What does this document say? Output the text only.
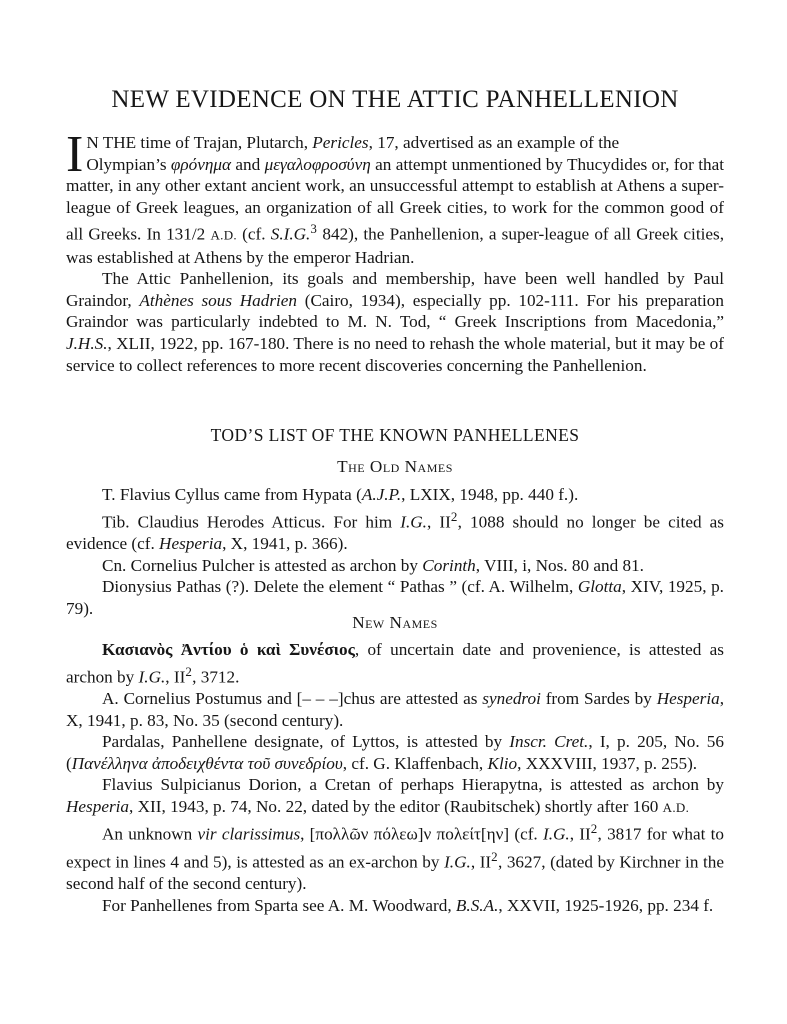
NEW EVIDENCE ON THE ATTIC PANHELLENION

I N THE time of Trajan, Plutarch, Pericles, 17, advertised as an example of the
Olympian’s φρόνημα and μεγαλοφροσύνη an attempt unmentioned by Thucydides or, for that matter, in any other extant ancient work, an unsuccessful attempt to establish at Athens a super-league of Greek leagues, an organization of all Greek cities, to work for the common good of all Greeks. In 131/2 A.D. (cf. S.I.G.$^3$ 842), the Panhellenion, a super-league of all Greek cities, was established at Athens by the emperor Hadrian.

The Attic Panhellenion, its goals and membership, have been well handled by Paul Graindor, Athènes sous Hadrien (Cairo, 1934), especially pp. 102-111. For his preparation Graindor was particularly indebted to M. N. Tod, “ Greek Inscriptions from Macedonia,” J.H.S., XLII, 1922, pp. 167-180. There is no need to rehash the whole material, but it may be of service to collect references to more recent discoveries concerning the Panhellenion.

TOD’S LIST OF THE KNOWN PANHELLENES
The Old Names

T. Flavius Cyllus came from Hypata (A.J.P., LXIX, 1948, pp. 440 f.).

Tib. Claudius Herodes Atticus. For him I.G., $II^2$, 1088 should no longer be cited as evidence (cf. Hesperia, X, 1941, p. 366).

Cn. Cornelius Pulcher is attested as archon by Corinth, VIII, i, Nos. 80 and 81.

Dionysius Pathas (?). Delete the element “ Pathas ” (cf. A. Wilhelm, Glotta, XIV, 1925, p. 79).

New Names

Κασιανὸς Ἀντίου ὁ καὶ Συνέσιος, of uncertain date and provenience, is attested as archon by I.G., $II^2$, 3712.

A. Cornelius Postumus and [– – –]chus are attested as synedroi from Sardes by Hesperia, X, 1941, p. 83, No. 35 (second century).

Pardalas, Panhellene designate, of Lyttos, is attested by Inscr. Cret., I, p. 205, No. 56 (Πανέλληνα ἀποδειχθέντα τοῦ συνεδρίου, cf. G. Klaffenbach, Klio, XXXVIII, 1937, p. 255).

Flavius Sulpicianus Dorion, a Cretan of perhaps Hierapytna, is attested as archon by Hesperia, XII, 1943, p. 74, No. 22, dated by the editor (Raubitschek) shortly after 160 A.D.

An unknown vir clarissimus, [πολλῶν πόλεω]ν πολείτ[ην] (cf. I.G., $II^2$, 3817 for what to expect in lines 4 and 5), is attested as an ex-archon by I.G., $II^2$, 3627, (dated by Kirchner in the second half of the second century).

For Panhellenes from Sparta see A. M. Woodward, B.S.A., XXVII, 1925-1926, pp. 234 f.
